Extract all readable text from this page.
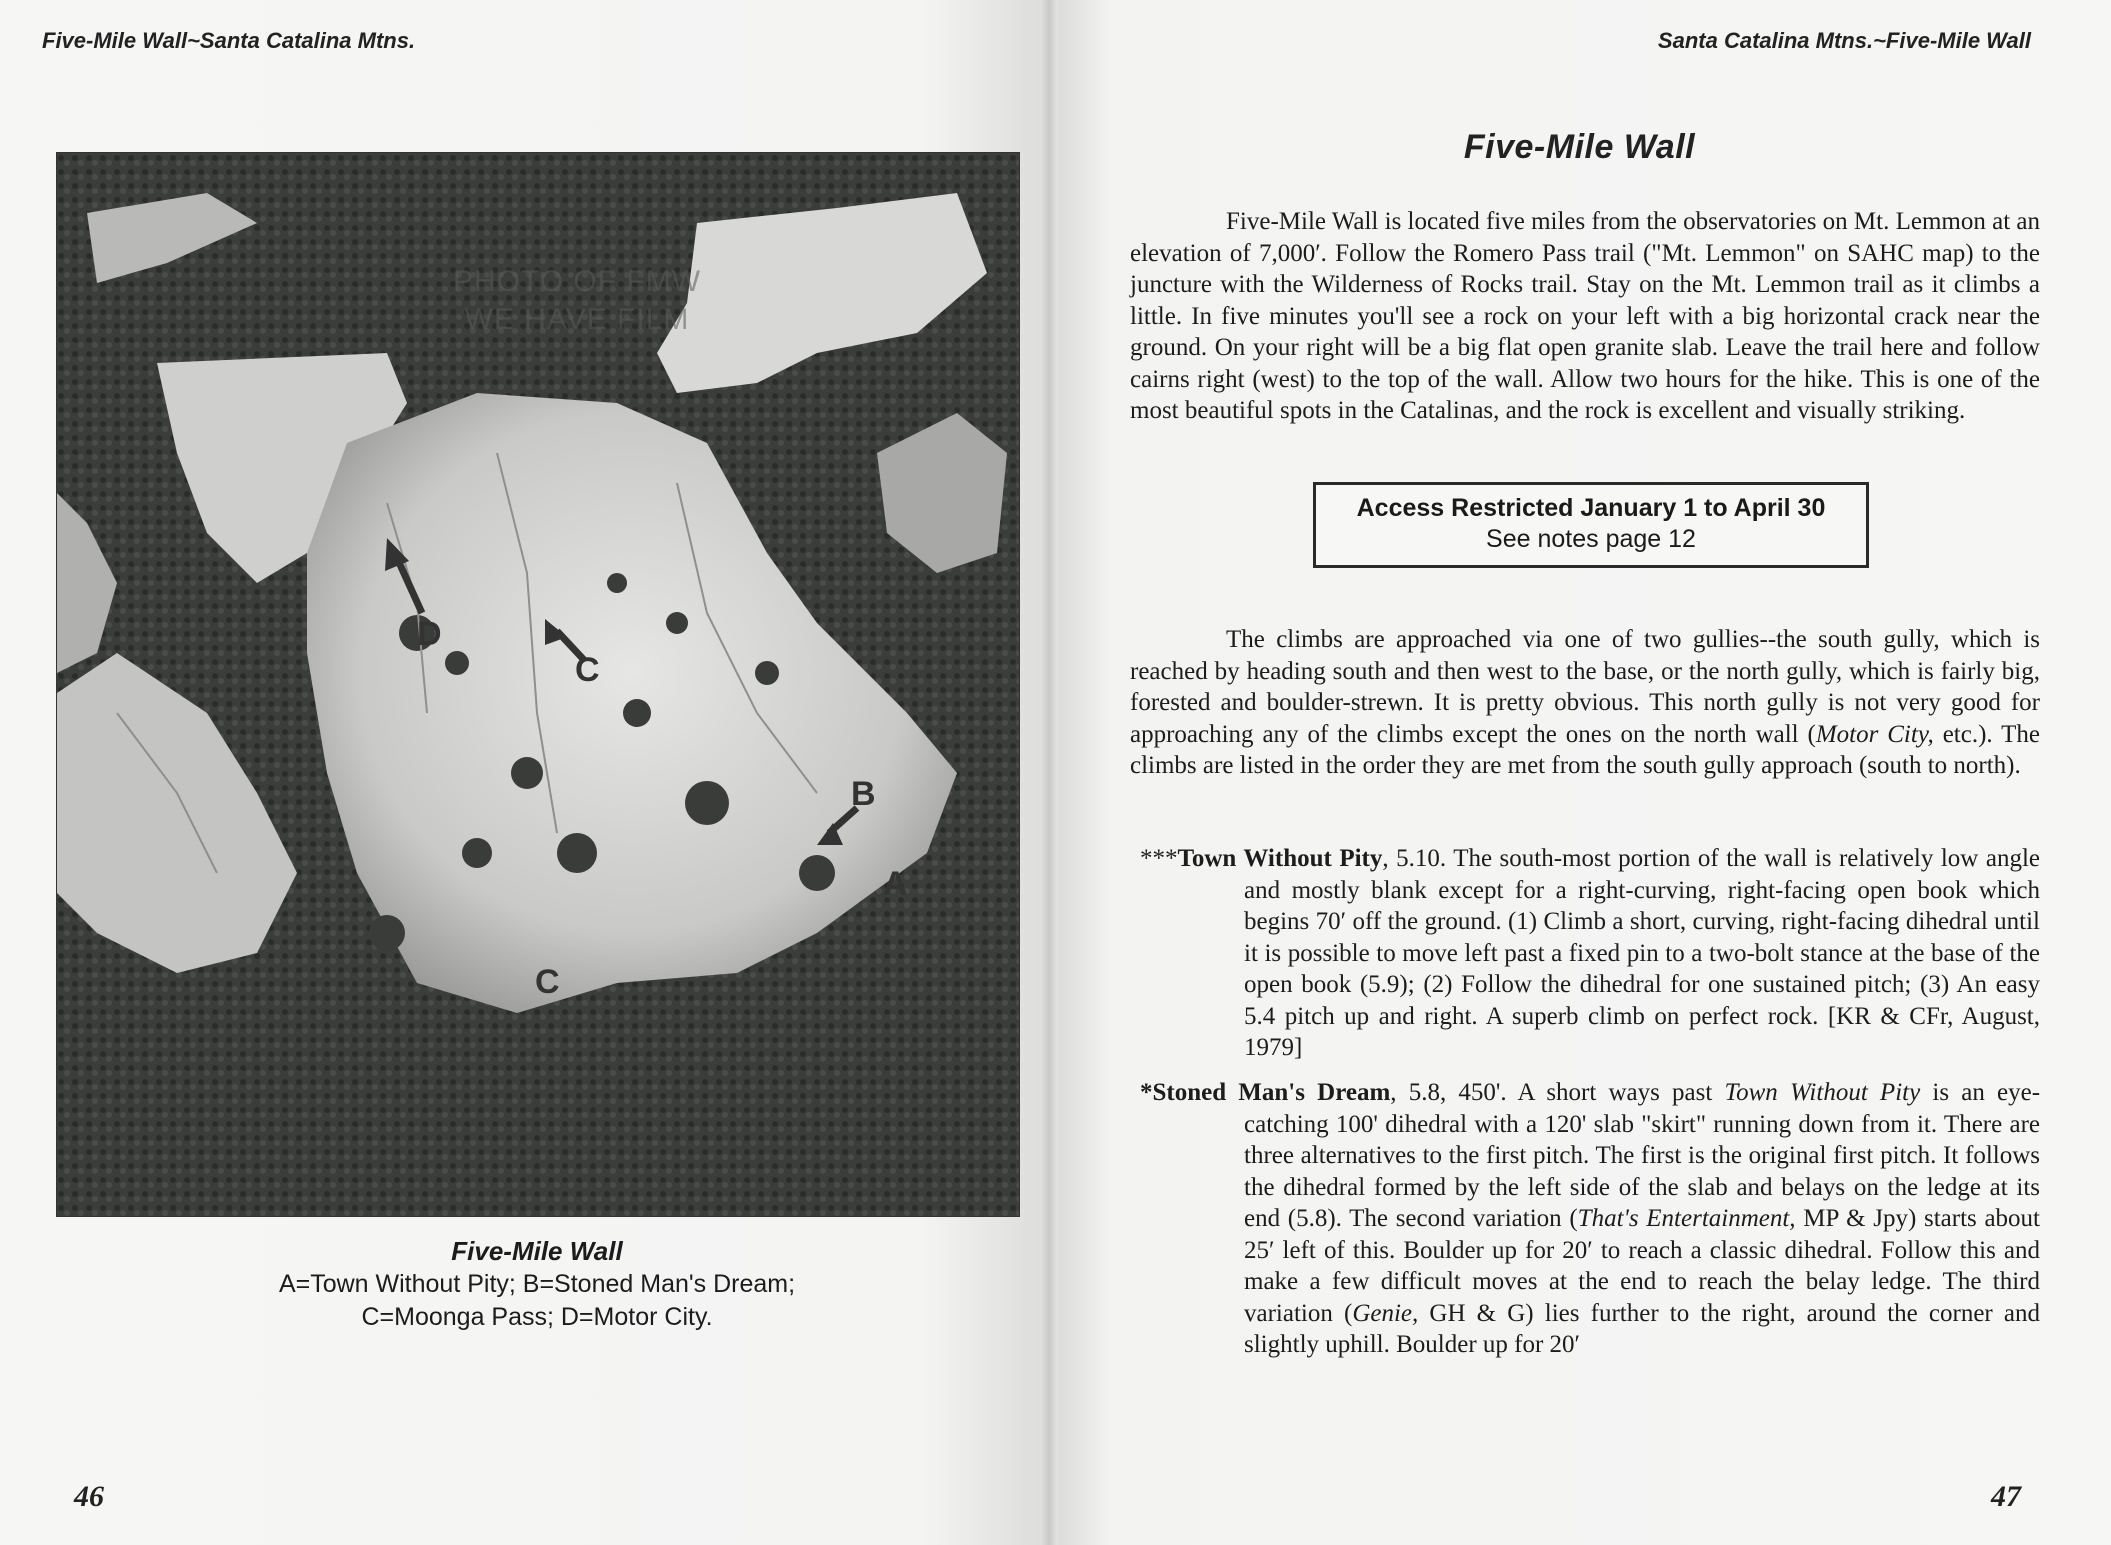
Five-Mile Wall~Santa Catalina Mtns.
PHOTO OF FMW
WE HAVE FILM
D
C
B
A
C
Five-Mile Wall
A=Town Without Pity; B=Stoned Man's Dream;
C=Moonga Pass; D=Motor City.
46
Santa Catalina Mtns.~Five-Mile Wall
Five-Mile Wall

Five-Mile Wall is located five miles from the observatories on Mt. Lemmon at an elevation of 7,000′. Follow the Romero Pass trail ("Mt. Lemmon" on SAHC map) to the juncture with the Wilderness of Rocks trail. Stay on the Mt. Lemmon trail as it climbs a little. In five minutes you'll see a rock on your left with a big horizontal crack near the ground. On your right will be a big flat open granite slab. Leave the trail here and follow cairns right (west) to the top of the wall. Allow two hours for the hike. This is one of the most beautiful spots in the Catalinas, and the rock is excellent and visually striking.

Access Restricted January 1 to April 30
See notes page 12

The climbs are approached via one of two gullies--the south gully, which is reached by heading south and then west to the base, or the north gully, which is fairly big, forested and boulder-strewn. It is pretty obvious. This north gully is not very good for approaching any of the climbs except the ones on the north wall (Motor City, etc.). The climbs are listed in the order they are met from the south gully approach (south to north).

***Town Without Pity, 5.10. The south-most portion of the wall is relatively low angle and mostly blank except for a right-curving, right-facing open book which begins 70′ off the ground. (1) Climb a short, curving, right-facing dihedral until it is possible to move left past a fixed pin to a two-bolt stance at the base of the open book (5.9); (2) Follow the dihedral for one sustained pitch; (3) An easy 5.4 pitch up and right. A superb climb on perfect rock. [KR & CFr, August, 1979]

*Stoned Man's Dream, 5.8, 450'. A short ways past Town Without Pity is an eye-catching 100' dihedral with a 120' slab "skirt" running down from it. There are three alternatives to the first pitch. The first is the original first pitch. It follows the dihedral formed by the left side of the slab and belays on the ledge at its end (5.8). The second variation (That's Entertainment, MP & Jpy) starts about 25′ left of this. Boulder up for 20′ to reach a classic dihedral. Follow this and make a few difficult moves at the end to reach the belay ledge. The third variation (Genie, GH & G) lies further to the right, around the corner and slightly uphill. Boulder up for 20′

47
